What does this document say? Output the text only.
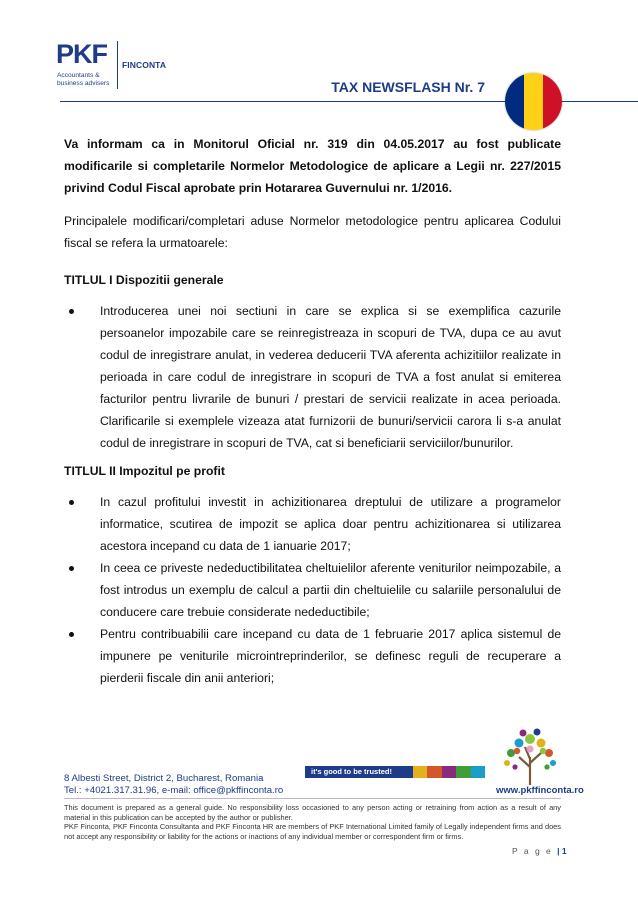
PKF
Accountants &
business advisers
FINCONTA
TAX NEWSFLASH Nr. 7

Va informam ca in Monitorul Oficial nr. 319 din 04.05.2017 au fost publicate modificarile si completarile Normelor Metodologice de aplicare a Legii nr. 227/2015 privind Codul Fiscal aprobate prin Hotararea Guvernului nr. 1/2016.

Principalele modificari/completari aduse Normelor metodologice pentru aplicarea Codului fiscal se refera la urmatoarele:

TITLUL I Dispozitii generale
Introducerea unei noi sectiuni in care se explica si se exemplifica cazurile persoanelor impozabile care se reinregistreaza in scopuri de TVA, dupa ce au avut codul de inregistrare anulat, in vederea deducerii TVA aferenta achizitiilor realizate in perioada in care codul de inregistrare in scopuri de TVA a fost anulat si emiterea facturilor pentru livrarile de bunuri / prestari de servicii realizate in acea perioada. Clarificarile si exemplele vizeaza atat furnizorii de bunuri/servicii carora li s-a anulat codul de inregistrare in scopuri de TVA, cat si beneficiarii serviciilor/bunurilor.
TITLUL II Impozitul pe profit
In cazul profitului investit in achizitionarea dreptului de utilizare a programelor informatice, scutirea de impozit se aplica doar pentru achizitionarea si utilizarea acestora incepand cu data de 1 ianuarie 2017;
In ceea ce priveste nedeductibilitatea cheltuielilor aferente veniturilor neimpozabile, a fost introdus un exemplu de calcul a partii din cheltuielile cu salariile personalului de conducere care trebuie considerate nedeductibile;
Pentru contribuabilii care incepand cu data de 1 februarie 2017 aplica sistemul de impunere pe veniturile microintreprinderilor, se definesc reguli de recuperare a pierderii fiscale din anii anteriori;
8 Albesti Street, District 2, Bucharest, Romania
Tel.: +4021.317.31.96, e-mail: office@pkffinconta.ro
it's good to be trusted!
www.pkffinconta.ro
This document is prepared as a general guide. No responsibility loss occasioned to any person acting or retraining from action as a result of any material in this publication can be accepted by the author or publisher.
PKF Finconta, PKF Finconta Consultanta and PKF Finconta HR are members of PKF International Limited family of Legally independent firms and does not accept any responsibility or liability for the actions or inactions of any individual member or correspondent firm or firms.
P a g e | 1
